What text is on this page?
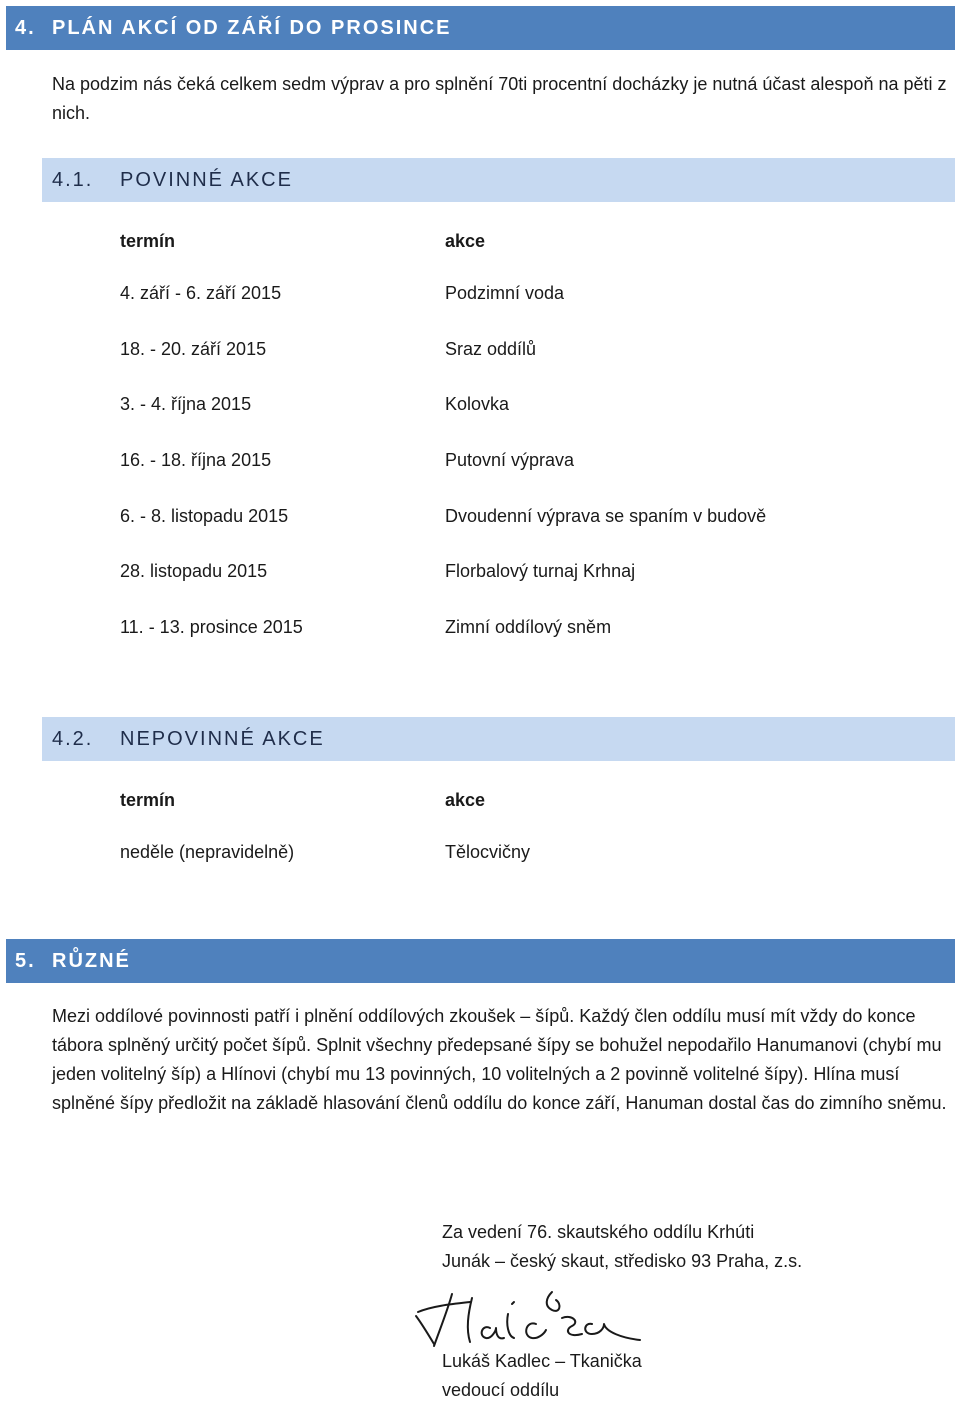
4. PLÁN AKCÍ OD ZÁŘÍ DO PROSINCE

Na podzim nás čeká celkem sedm výprav a pro splnění 70ti procentní docházky je nutná účast alespoň na pěti z nich.

4.1. POVINNÉ AKCE
termín	akce
4. září - 6. září 2015	Podzimní voda
18. - 20. září 2015	Sraz oddílů
3. - 4. října 2015	Kolovka
16. - 18. října 2015	Putovní výprava
6. - 8. listopadu 2015	Dvoudenní výprava se spaním v budově
28. listopadu 2015	Florbalový turnaj Krhnaj
11. - 13. prosince 2015	Zimní oddílový sněm
4.2. NEPOVINNÉ AKCE
termín	akce
neděle (nepravidelně)	Tělocvičny
5. RŮZNÉ

Mezi oddílové povinnosti patří i plnění oddílových zkoušek – šípů. Každý člen oddílu musí mít vždy do konce tábora splněný určitý počet šípů. Splnit všechny předepsané šípy se bohužel nepodařilo Hanumanovi (chybí mu jeden volitelný šíp) a Hlínovi (chybí mu 13 povinných, 10 volitelných a 2 povinně volitelné šípy). Hlína musí splněné šípy předložit na základě hlasování členů oddílu do konce září, Hanuman dostal čas do zimního sněmu.

Za vedení 76. skautského oddílu Krhúti
Junák – český skaut, středisko 93 Praha, z.s.
Lukáš Kadlec – Tkanička
vedoucí oddílu
